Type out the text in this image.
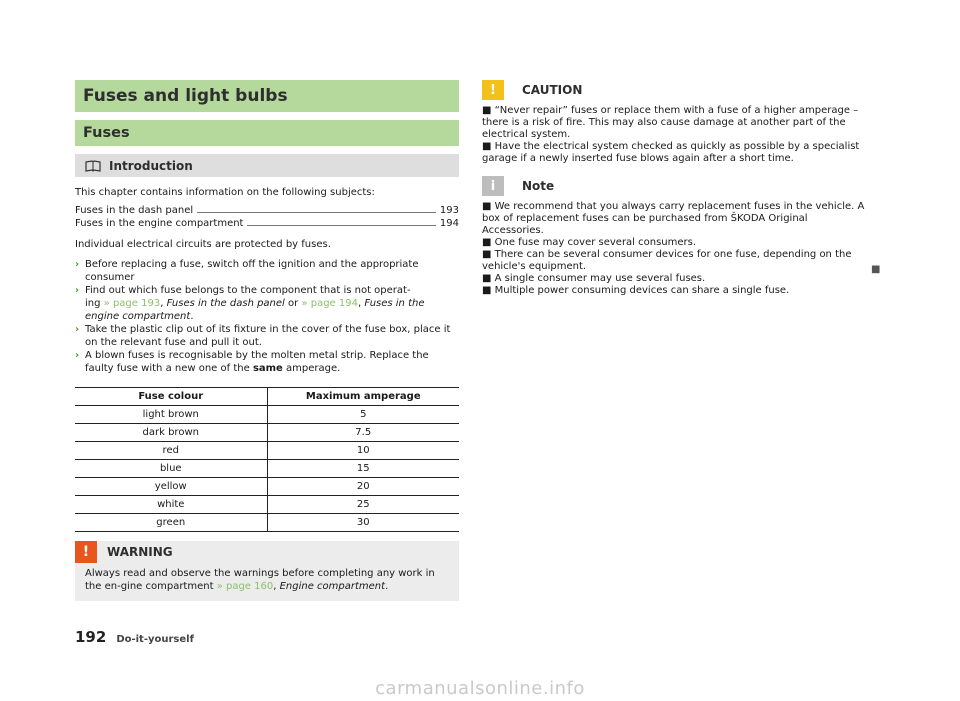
Fuses and light bulbs
Fuses
Introduction

This chapter contains information on the following subjects:

Fuses in the dash panel	193
Fuses in the engine compartment	194

Individual electrical circuits are protected by fuses.

› Before replacing a fuse, switch off the ignition and the appropriate consumer
› Find out which fuse belongs to the component that is not operat-
ing » page 193, Fuses in the dash panel or » page 194, Fuses in the engine compartment.
› Take the plastic clip out of its fixture in the cover of the fuse box, place it on the relevant fuse and pull it out.
› A blown fuses is recognisable by the molten metal strip. Replace the faulty fuse with a new one of the same amperage.
Fuse colour	Maximum amperage
light brown	5
dark brown	7.5
red	10
blue	15
yellow	20
white	25
green	30
!	WARNING
Always read and observe the warnings before completing any work in the en-gine compartment » page 160, Engine compartment.
!	CAUTION

■ “Never repair” fuses or replace them with a fuse of a higher amperage – there is a risk of fire. This may also cause damage at another part of the electrical system.

■ Have the electrical system checked as quickly as possible by a specialist garage if a newly inserted fuse blows again after a short time.

i	Note

■ We recommend that you always carry replacement fuses in the vehicle. A box of replacement fuses can be purchased from ŠKODA Original Accessories.

■ One fuse may cover several consumers.

■ There can be several consumer devices for one fuse, depending on the vehicle's equipment.

■ A single consumer may use several fuses.

■ Multiple power consuming devices can share a single fuse.

■
192 Do-it-yourself
carmanualsonline.info
